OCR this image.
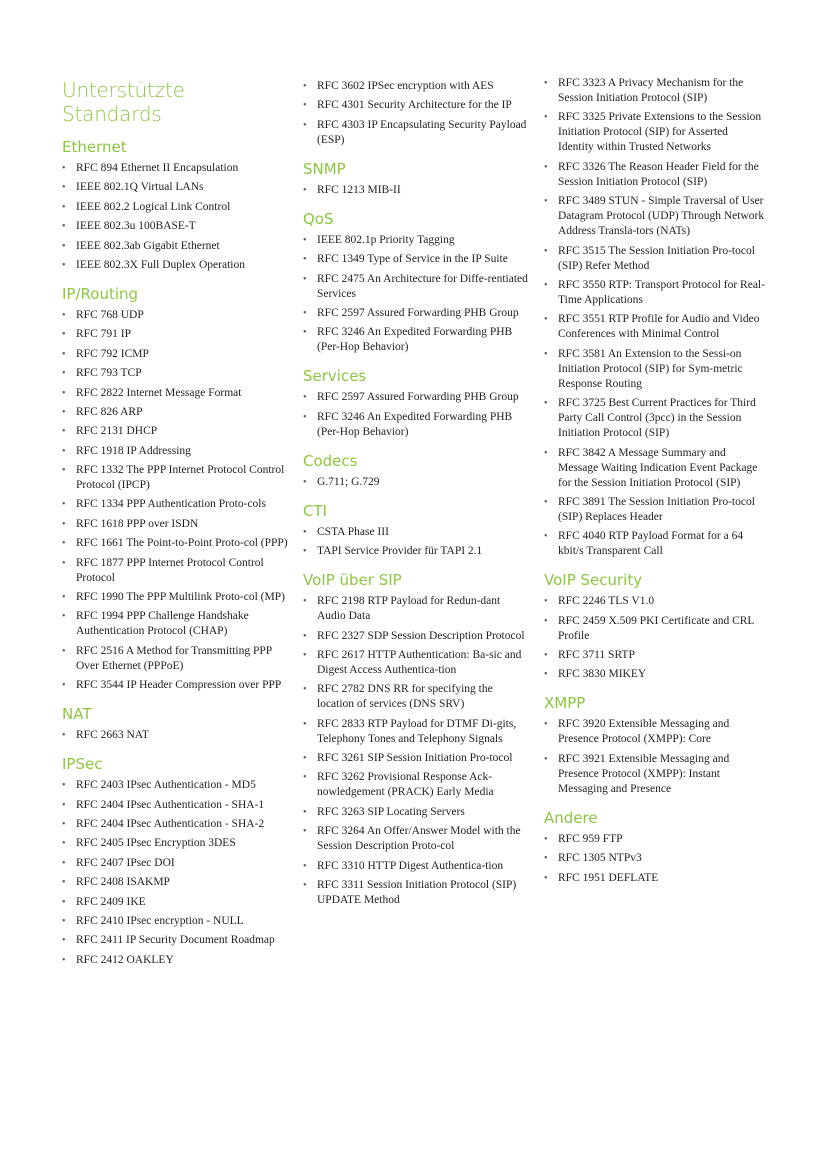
Unterstützte Standards
Ethernet
• RFC 894 Ethernet II Encapsulation
• IEEE 802.1Q Virtual LANs
• IEEE 802.2 Logical Link Control
• IEEE 802.3u 100BASE-T
• IEEE 802.3ab Gigabit Ethernet
• IEEE 802.3X Full Duplex Operation
IP/Routing
• RFC 768 UDP
• RFC 791 IP
• RFC 792 ICMP
• RFC 793 TCP
• RFC 2822 Internet Message Format
• RFC 826 ARP
• RFC 2131 DHCP
• RFC 1918 IP Addressing
• RFC 1332 The PPP Internet Protocol Control Protocol (IPCP)
• RFC 1334 PPP Authentication Proto-cols
• RFC 1618 PPP over ISDN
• RFC 1661 The Point-to-Point Proto-col (PPP)
• RFC 1877 PPP Internet Protocol Control Protocol
• RFC 1990 The PPP Multilink Proto-col (MP)
• RFC 1994 PPP Challenge Handshake Authentication Protocol (CHAP)
• RFC 2516 A Method for Transmitting PPP Over Ethernet (PPPoE)
• RFC 3544 IP Header Compression over PPP
NAT
• RFC 2663 NAT
IPSec
• RFC 2403 IPsec Authentication - MD5
• RFC 2404 IPsec Authentication - SHA-1
• RFC 2404 IPsec Authentication - SHA-2
• RFC 2405 IPsec Encryption 3DES
• RFC 2407 IPsec DOI
• RFC 2408 ISAKMP
• RFC 2409 IKE
• RFC 2410 IPsec encryption - NULL
• RFC 2411 IP Security Document Roadmap
• RFC 2412 OAKLEY
• RFC 3602 IPSec encryption with AES
• RFC 4301 Security Architecture for the IP
• RFC 4303 IP Encapsulating Security Payload (ESP)
SNMP
• RFC 1213 MIB-II
QoS
• IEEE 802.1p Priority Tagging
• RFC 1349 Type of Service in the IP Suite
• RFC 2475 An Architecture for Diffe-rentiated Services
• RFC 2597 Assured Forwarding PHB Group
• RFC 3246 An Expedited Forwarding PHB (Per-Hop Behavior)
Services
• RFC 2597 Assured Forwarding PHB Group
• RFC 3246 An Expedited Forwarding PHB (Per-Hop Behavior)
Codecs
• G.711; G.729
CTI
• CSTA Phase III
• TAPI Service Provider für TAPI 2.1
VoIP über SIP
• RFC 2198 RTP Payload for Redun-dant Audio Data
• RFC 2327 SDP Session Description Protocol
• RFC 2617 HTTP Authentication: Ba-sic and Digest Access Authentica-tion
• RFC 2782 DNS RR for specifying the location of services (DNS SRV)
• RFC 2833 RTP Payload for DTMF Di-gits, Telephony Tones and Telephony Signals
• RFC 3261 SIP Session Initiation Pro-tocol
• RFC 3262 Provisional Response Ack-nowledgement (PRACK) Early Media
• RFC 3263 SIP Locating Servers
• RFC 3264 An Offer/Answer Model with the Session Description Proto-col
• RFC 3310 HTTP Digest Authentica-tion
• RFC 3311 Session Initiation Protocol (SIP) UPDATE Method
• RFC 3323 A Privacy Mechanism for the Session Initiation Protocol (SIP)
• RFC 3325 Private Extensions to the Session Initiation Protocol (SIP) for Asserted Identity within Trusted Networks
• RFC 3326 The Reason Header Field for the Session Initiation Protocol (SIP)
• RFC 3489 STUN - Simple Traversal of User Datagram Protocol (UDP) Through Network Address Transla-tors (NATs)
• RFC 3515 The Session Initiation Pro-tocol (SIP) Refer Method
• RFC 3550 RTP: Transport Protocol for Real-Time Applications
• RFC 3551 RTP Profile for Audio and Video Conferences with Minimal Control
• RFC 3581 An Extension to the Sessi-on Initiation Protocol (SIP) for Sym-metric Response Routing
• RFC 3725 Best Current Practices for Third Party Call Control (3pcc) in the Session Initiation Protocol (SIP)
• RFC 3842 A Message Summary and Message Waiting Indication Event Package for the Session Initiation Protocol (SIP)
• RFC 3891 The Session Initiation Pro-tocol (SIP) Replaces Header
• RFC 4040 RTP Payload Format for a 64 kbit/s Transparent Call
VoIP Security
• RFC 2246 TLS V1.0
• RFC 2459 X.509 PKI Certificate and CRL Profile
• RFC 3711 SRTP
• RFC 3830 MIKEY
XMPP
• RFC 3920 Extensible Messaging and Presence Protocol (XMPP): Core
• RFC 3921 Extensible Messaging and Presence Protocol (XMPP): Instant Messaging and Presence
Andere
• RFC 959 FTP
• RFC 1305 NTPv3
• RFC 1951 DEFLATE
